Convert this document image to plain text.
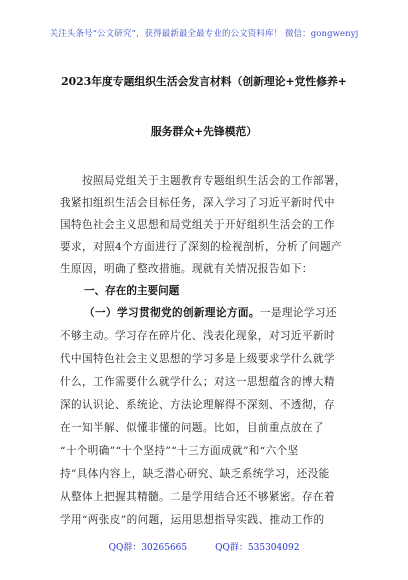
关注头条号“公文研究”，获得最新最全最专业的公文资料库！ 微信：gongwenyj
2023年度专题组织生活会发言材料（创新理论+党性修养+
服务群众+先锋模范）
按照局党组关于主题教育专题组织生活会的工作部署，
我紧扣组织生活会目标任务，深入学习了习近平新时代中
国特色社会主义思想和局党组关于开好组织生活会的工作
要求，对照4个方面进行了深刻的检视剖析，分析了问题产
生原因，明确了整改措施。现就有关情况报告如下：
一、存在的主要问题
（一）学习贯彻党的创新理论方面。一是理论学习还
不够主动。学习存在碎片化、浅表化现象，对习近平新时
代中国特色社会主义思想的学习多是上级要求学什么就学
什么，工作需要什么就学什么；对这一思想蕴含的博大精
深的认识论、系统论、方法论理解得不深刻、不透彻，存
在一知半解、似懂非懂的问题。比如，目前重点放在了
“十个明确”“十个坚持”“十三方面成就”和“六个坚
持”具体内容上，缺乏潜心研究、缺乏系统学习，还没能
从整体上把握其精髓。二是学用结合还不够紧密。存在着
学用“两张皮”的问题，运用思想指导实践、推动工作的
QQ群：30265665	QQ群：535304092
